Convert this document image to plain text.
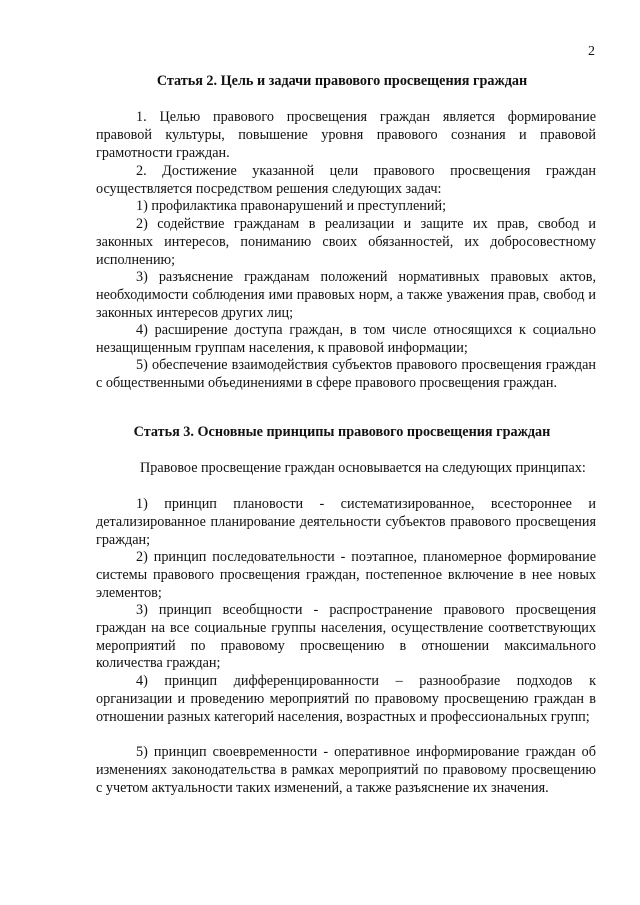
2
Статья 2. Цель и задачи правового просвещения граждан
1. Целью правового просвещения граждан является формирование правовой культуры, повышение уровня правового сознания и правовой грамотности граждан.
2. Достижение указанной цели правового просвещения граждан осуществляется посредством решения следующих задач:
1) профилактика правонарушений и преступлений;
2) содействие гражданам в реализации и защите их прав, свобод и законных интересов, пониманию своих обязанностей, их добросовестному исполнению;
3) разъяснение гражданам положений нормативных правовых актов, необходимости соблюдения ими правовых норм, а также уважения прав, свобод и законных интересов других лиц;
4) расширение доступа граждан, в том числе относящихся к социально незащищенным группам населения, к правовой информации;
5) обеспечение взаимодействия субъектов правового просвещения граждан с общественными объединениями в сфере правового просвещения граждан.
Статья 3. Основные принципы правового просвещения граждан
Правовое просвещение граждан основывается на следующих принципах:
1) принцип плановости - систематизированное, всестороннее и детализированное планирование деятельности субъектов правового просвещения граждан;
2) принцип последовательности - поэтапное, планомерное формирование системы правового просвещения граждан, постепенное включение в нее новых элементов;
3) принцип всеобщности - распространение правового просвещения граждан на все социальные группы населения, осуществление соответствующих мероприятий по правовому просвещению в отношении максимального количества граждан;
4) принцип дифференцированности – разнообразие подходов к организации и проведению мероприятий по правовому просвещению граждан в отношении разных категорий населения, возрастных и профессиональных групп;
5) принцип своевременности - оперативное информирование граждан об изменениях законодательства в рамках мероприятий по правовому просвещению с учетом актуальности таких изменений, а также разъяснение их значения.
